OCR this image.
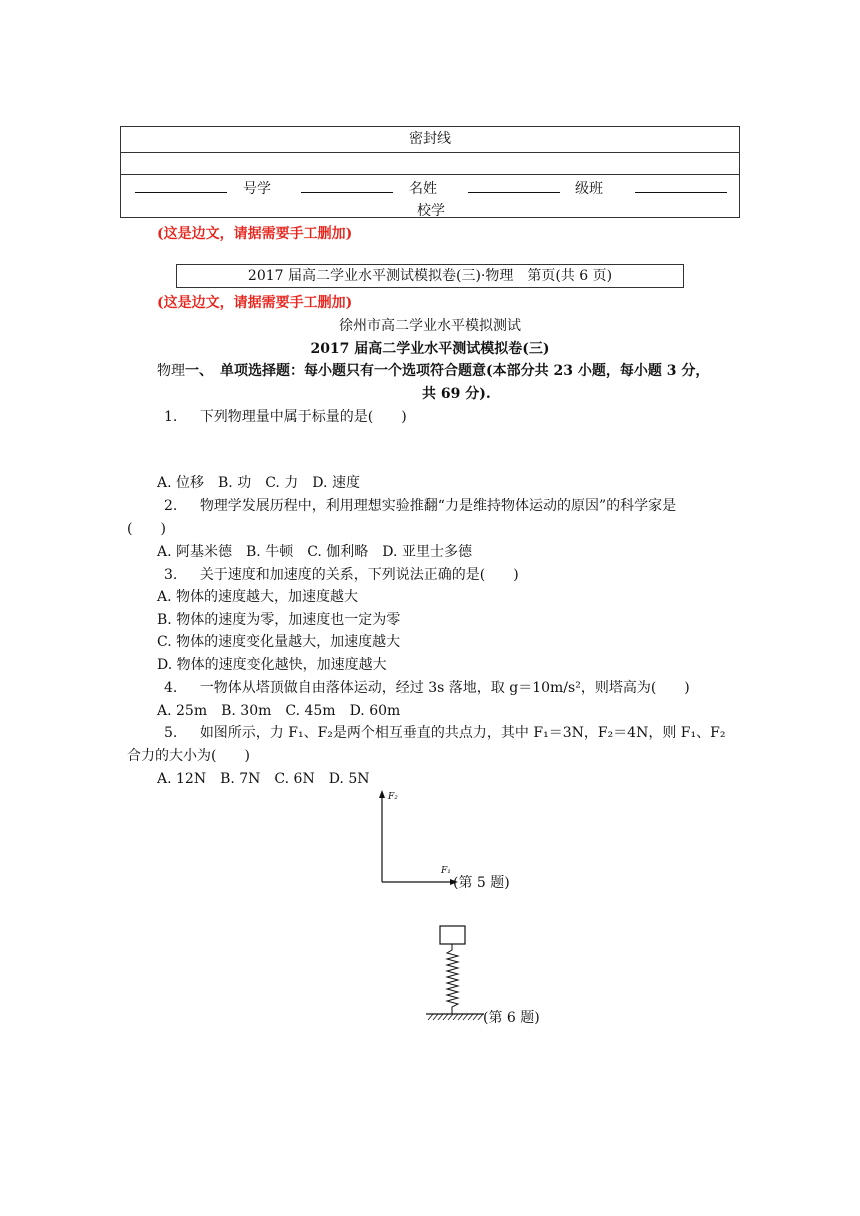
密封线
号学	名姓	级班
校学
(这是边文，请据需要手工删加)
2017 届高二学业水平测试模拟卷(三)·物理　第页(共 6 页)
(这是边文，请据需要手工删加)
徐州市高二学业水平模拟测试
2017 届高二学业水平测试模拟卷(三)
物理一、　单项选择题：每小题只有一个选项符合题意(本部分共 23 小题，每小题 3 分，
共 69 分).
1. 下列物理量中属于标量的是(　　)
A. 位移　B. 功　C. 力　D. 速度
2. 物理学发展历程中，利用理想实验推翻“力是维持物体运动的原因”的科学家是
(　　)
A. 阿基米德　B. 牛顿　C. 伽利略　D. 亚里士多德
3. 关于速度和加速度的关系，下列说法正确的是(　　)
A. 物体的速度越大，加速度越大
B. 物体的速度为零，加速度也一定为零
C. 物体的速度变化量越大，加速度越大
D. 物体的速度变化越快，加速度越大
4. 一物体从塔顶做自由落体运动，经过 3s 落地，取 g＝10m/s²，则塔高为(　　)
A. 25m　B. 30m　C. 45m　D. 60m
5. 如图所示，力 F₁、F₂是两个相互垂直的共点力，其中 F₁＝3N，F₂＝4N，则 F₁、F₂
合力的大小为(　　)
A. 12N　B. 7N　C. 6N　D. 5N
F₂
F₁
(第 5 题)
(第 6 题)
